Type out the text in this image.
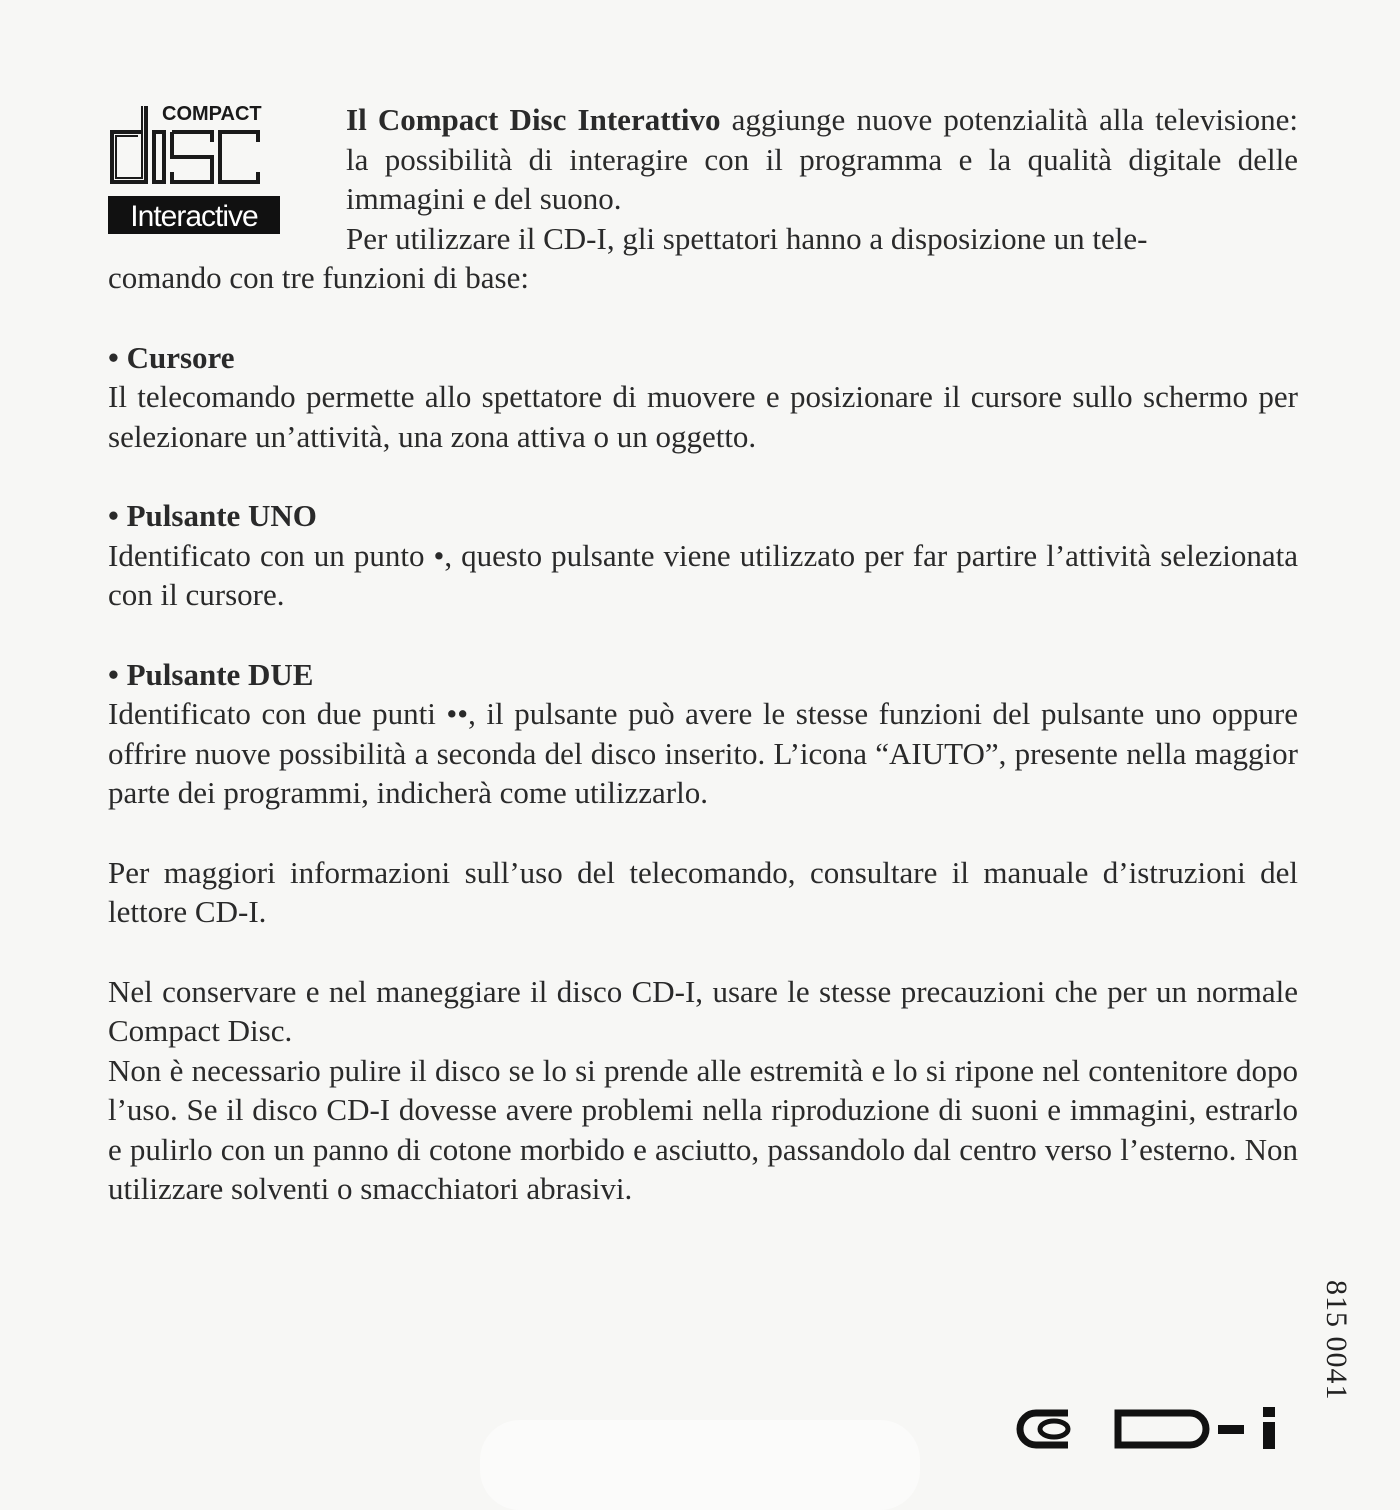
COMPACT
Interactive

Il Compact Disc Interattivo aggiunge nuove potenzialità alla televisione: la possibilità di interagire con il programma e la qualità digitale delle immagini e del suono.

Per utilizzare il CD-I, gli spettatori hanno a disposizione un tele-

comando con tre funzioni di base:

• Cursore

Il telecomando permette allo spettatore di muovere e posizionare il cursore sullo schermo per selezionare un’attività, una zona attiva o un oggetto.

• Pulsante UNO

Identificato con un punto •, questo pulsante viene utilizzato per far partire l’attività selezionata con il cursore.

• Pulsante DUE

Identificato con due punti ••, il pulsante può avere le stesse funzioni del pulsante uno oppure offrire nuove possibilità a seconda del disco inserito. L’icona “AIUTO”, presente nella maggior parte dei programmi, indicherà come utilizzarlo.

Per maggiori informazioni sull’uso del telecomando, consultare il manuale d’istruzioni del lettore CD-I.

Nel conservare e nel maneggiare il disco CD-I, usare le stesse precauzioni che per un normale Compact Disc.

Non è necessario pulire il disco se lo si prende alle estremità e lo si ripone nel contenitore dopo l’uso. Se il disco CD-I dovesse avere problemi nella riproduzione di suoni e immagini, estrarlo e pulirlo con un panno di cotone morbido e asciutto, passandolo dal centro verso l’esterno. Non utilizzare solventi o smacchiatori abrasivi.

815 0041
